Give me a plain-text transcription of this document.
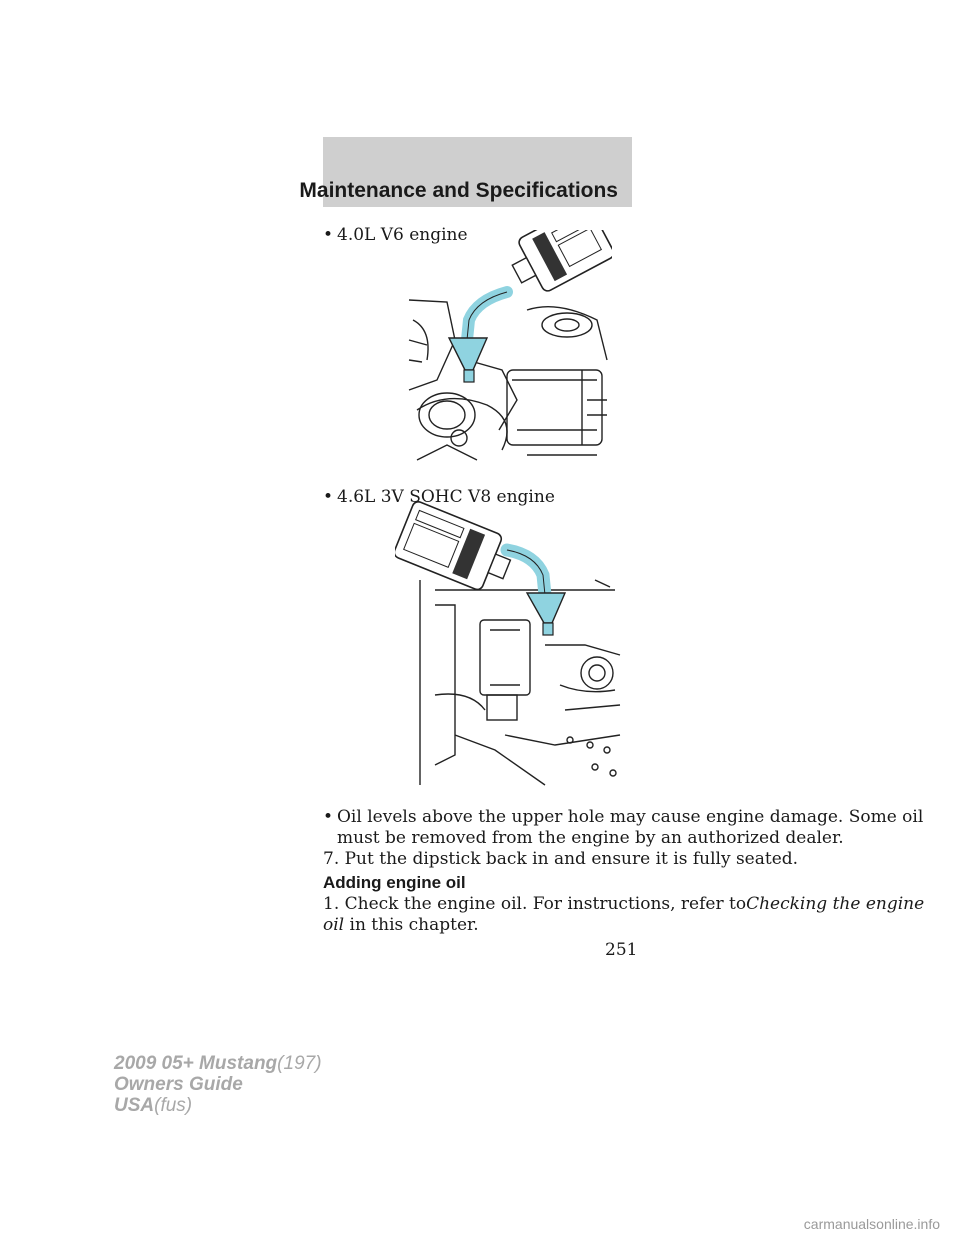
Maintenance and Specifications
• 4.0L V6 engine
• 4.6L 3V SOHC V8 engine
• Oil levels above the upper hole may cause engine damage. Some oil
must be removed from the engine by an authorized dealer.
7. Put the dipstick back in and ensure it is fully seated.
Adding engine oil
1. Check the engine oil. For instructions, refer toChecking the engine
oil in this chapter.
251
2009 05+ Mustang(197)
Owners Guide
USA(fus)
carmanualsonline.info
